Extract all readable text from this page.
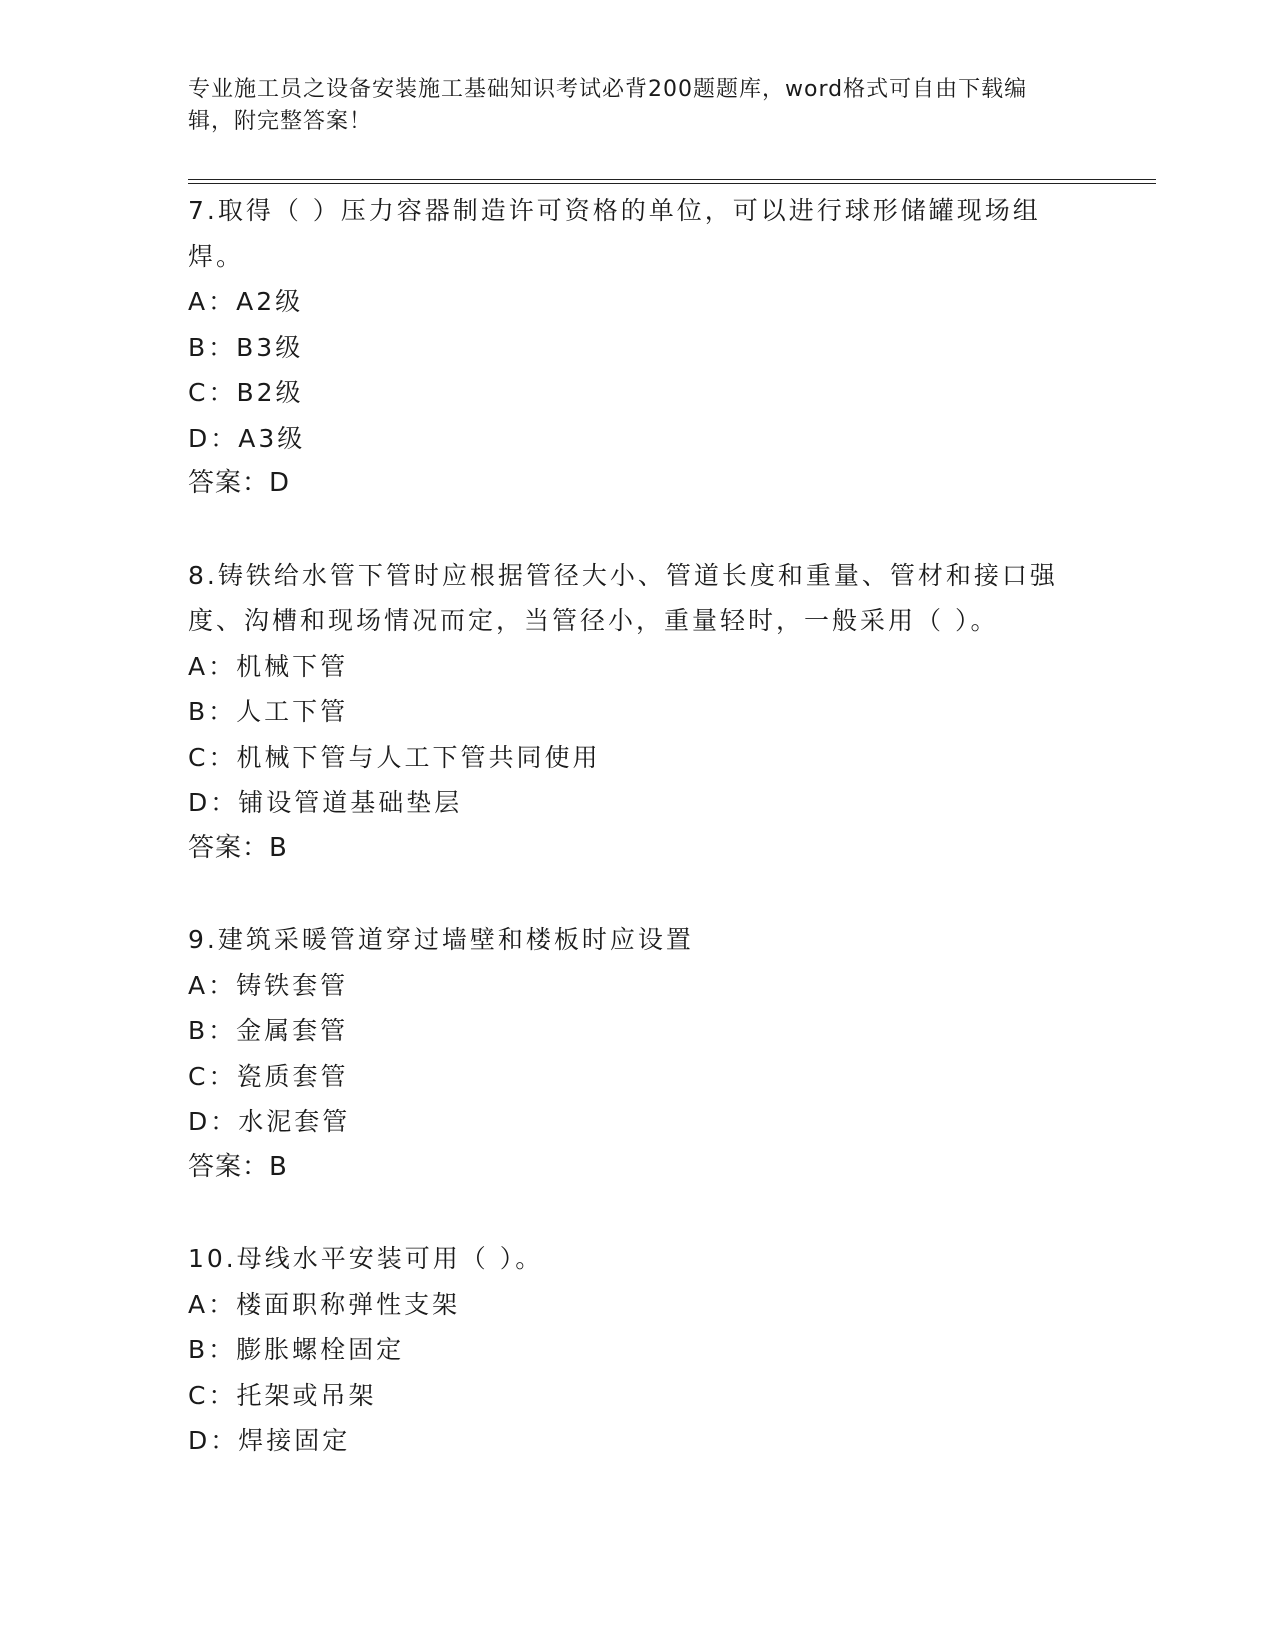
专业施工员之设备安装施工基础知识考试必背200题题库，word格式可自由下载编辑，附完整答案！
7.取得（ ）压力容器制造许可资格的单位，可以进行球形储罐现场组焊。
A：A2级
B：B3级
C：B2级
D：A3级
答案：D
8.铸铁给水管下管时应根据管径大小、管道长度和重量、管材和接口强度、沟槽和现场情况而定，当管径小，重量轻时，一般采用（ ）。
A：机械下管
B：人工下管
C：机械下管与人工下管共同使用
D：铺设管道基础垫层
答案：B
9.建筑采暖管道穿过墙壁和楼板时应设置
A：铸铁套管
B：金属套管
C：瓷质套管
D：水泥套管
答案：B
10.母线水平安装可用（ ）。
A：楼面职称弹性支架
B：膨胀螺栓固定
C：托架或吊架
D：焊接固定
